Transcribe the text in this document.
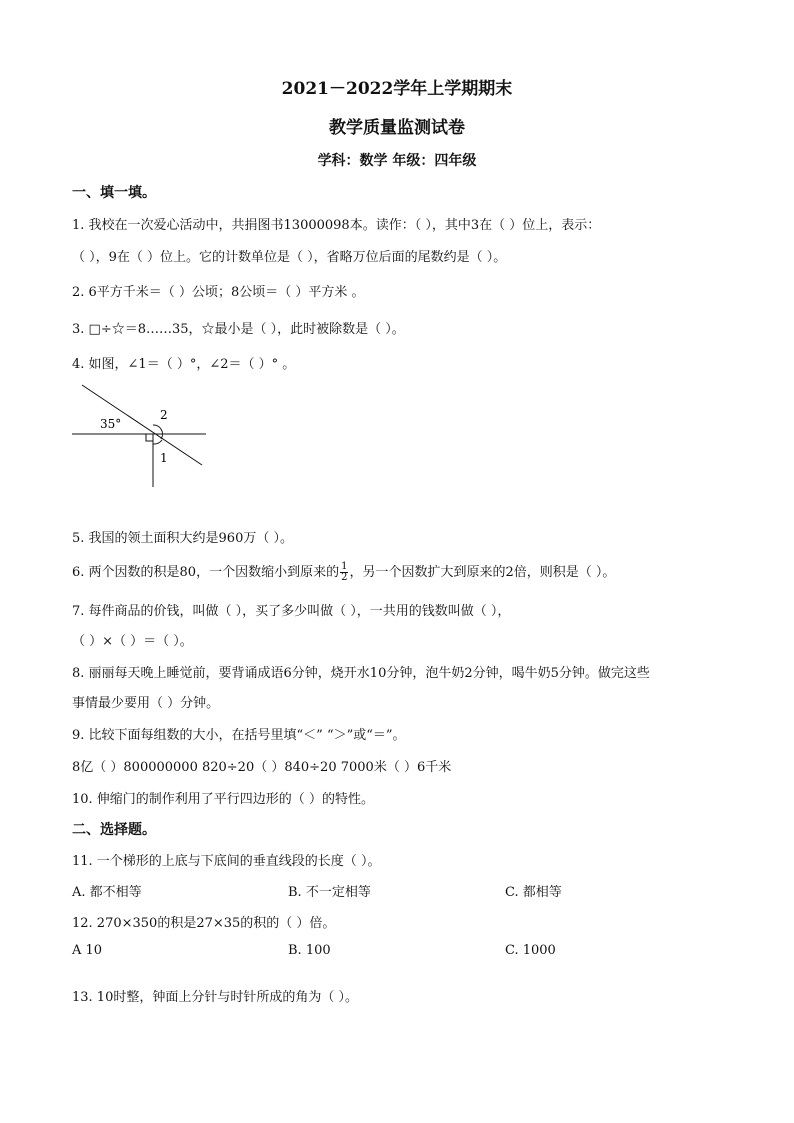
2021－2022学年上学期期末
教学质量监测试卷
学科：数学 年级：四年级
一、填一填。
1. 我校在一次爱心活动中，共捐图书13000098本。读作：（ ），其中3在（ ）位上，表示：
（ ），9在（ ）位上。它的计数单位是（ ），省略万位后面的尾数约是（ ）。
2. 6平方千米＝（ ）公顷；8公顷＝（ ）平方米 。
3. □÷☆＝8……35，☆最小是（ ），此时被除数是（ ）。
4. 如图，∠1＝（ ）°，∠2＝（ ）° 。
35°
2
1
5. 我国的领土面积大约是960万（ ）。
6. 两个因数的积是80，一个因数缩小到原来的 $\frac{1}{2}$ ，另一个因数扩大到原来的2倍，则积是（ ）。
7. 每件商品的价钱，叫做（ ），买了多少叫做（ ），一共用的钱数叫做（ ），
（ ）×（ ）＝（ ）。
8. 丽丽每天晚上睡觉前，要背诵成语6分钟，烧开水10分钟，泡牛奶2分钟，喝牛奶5分钟。做完这些
事情最少要用（ ）分钟。
9. 比较下面每组数的大小，在括号里填“＜” “＞”或“＝”。
8亿（ ）800000000 820÷20（ ）840÷20 7000米（ ）6千米
10. 伸缩门的制作利用了平行四边形的（ ）的特性。
二、选择题。
11. 一个梯形的上底与下底间的垂直线段的长度（ ）。
A. 都不相等	B. 不一定相等	C. 都相等
12. 270×350的积是27×35的积的（ ）倍。
A 10	B. 100	C. 1000
13. 10时整，钟面上分针与时针所成的角为（ ）。
